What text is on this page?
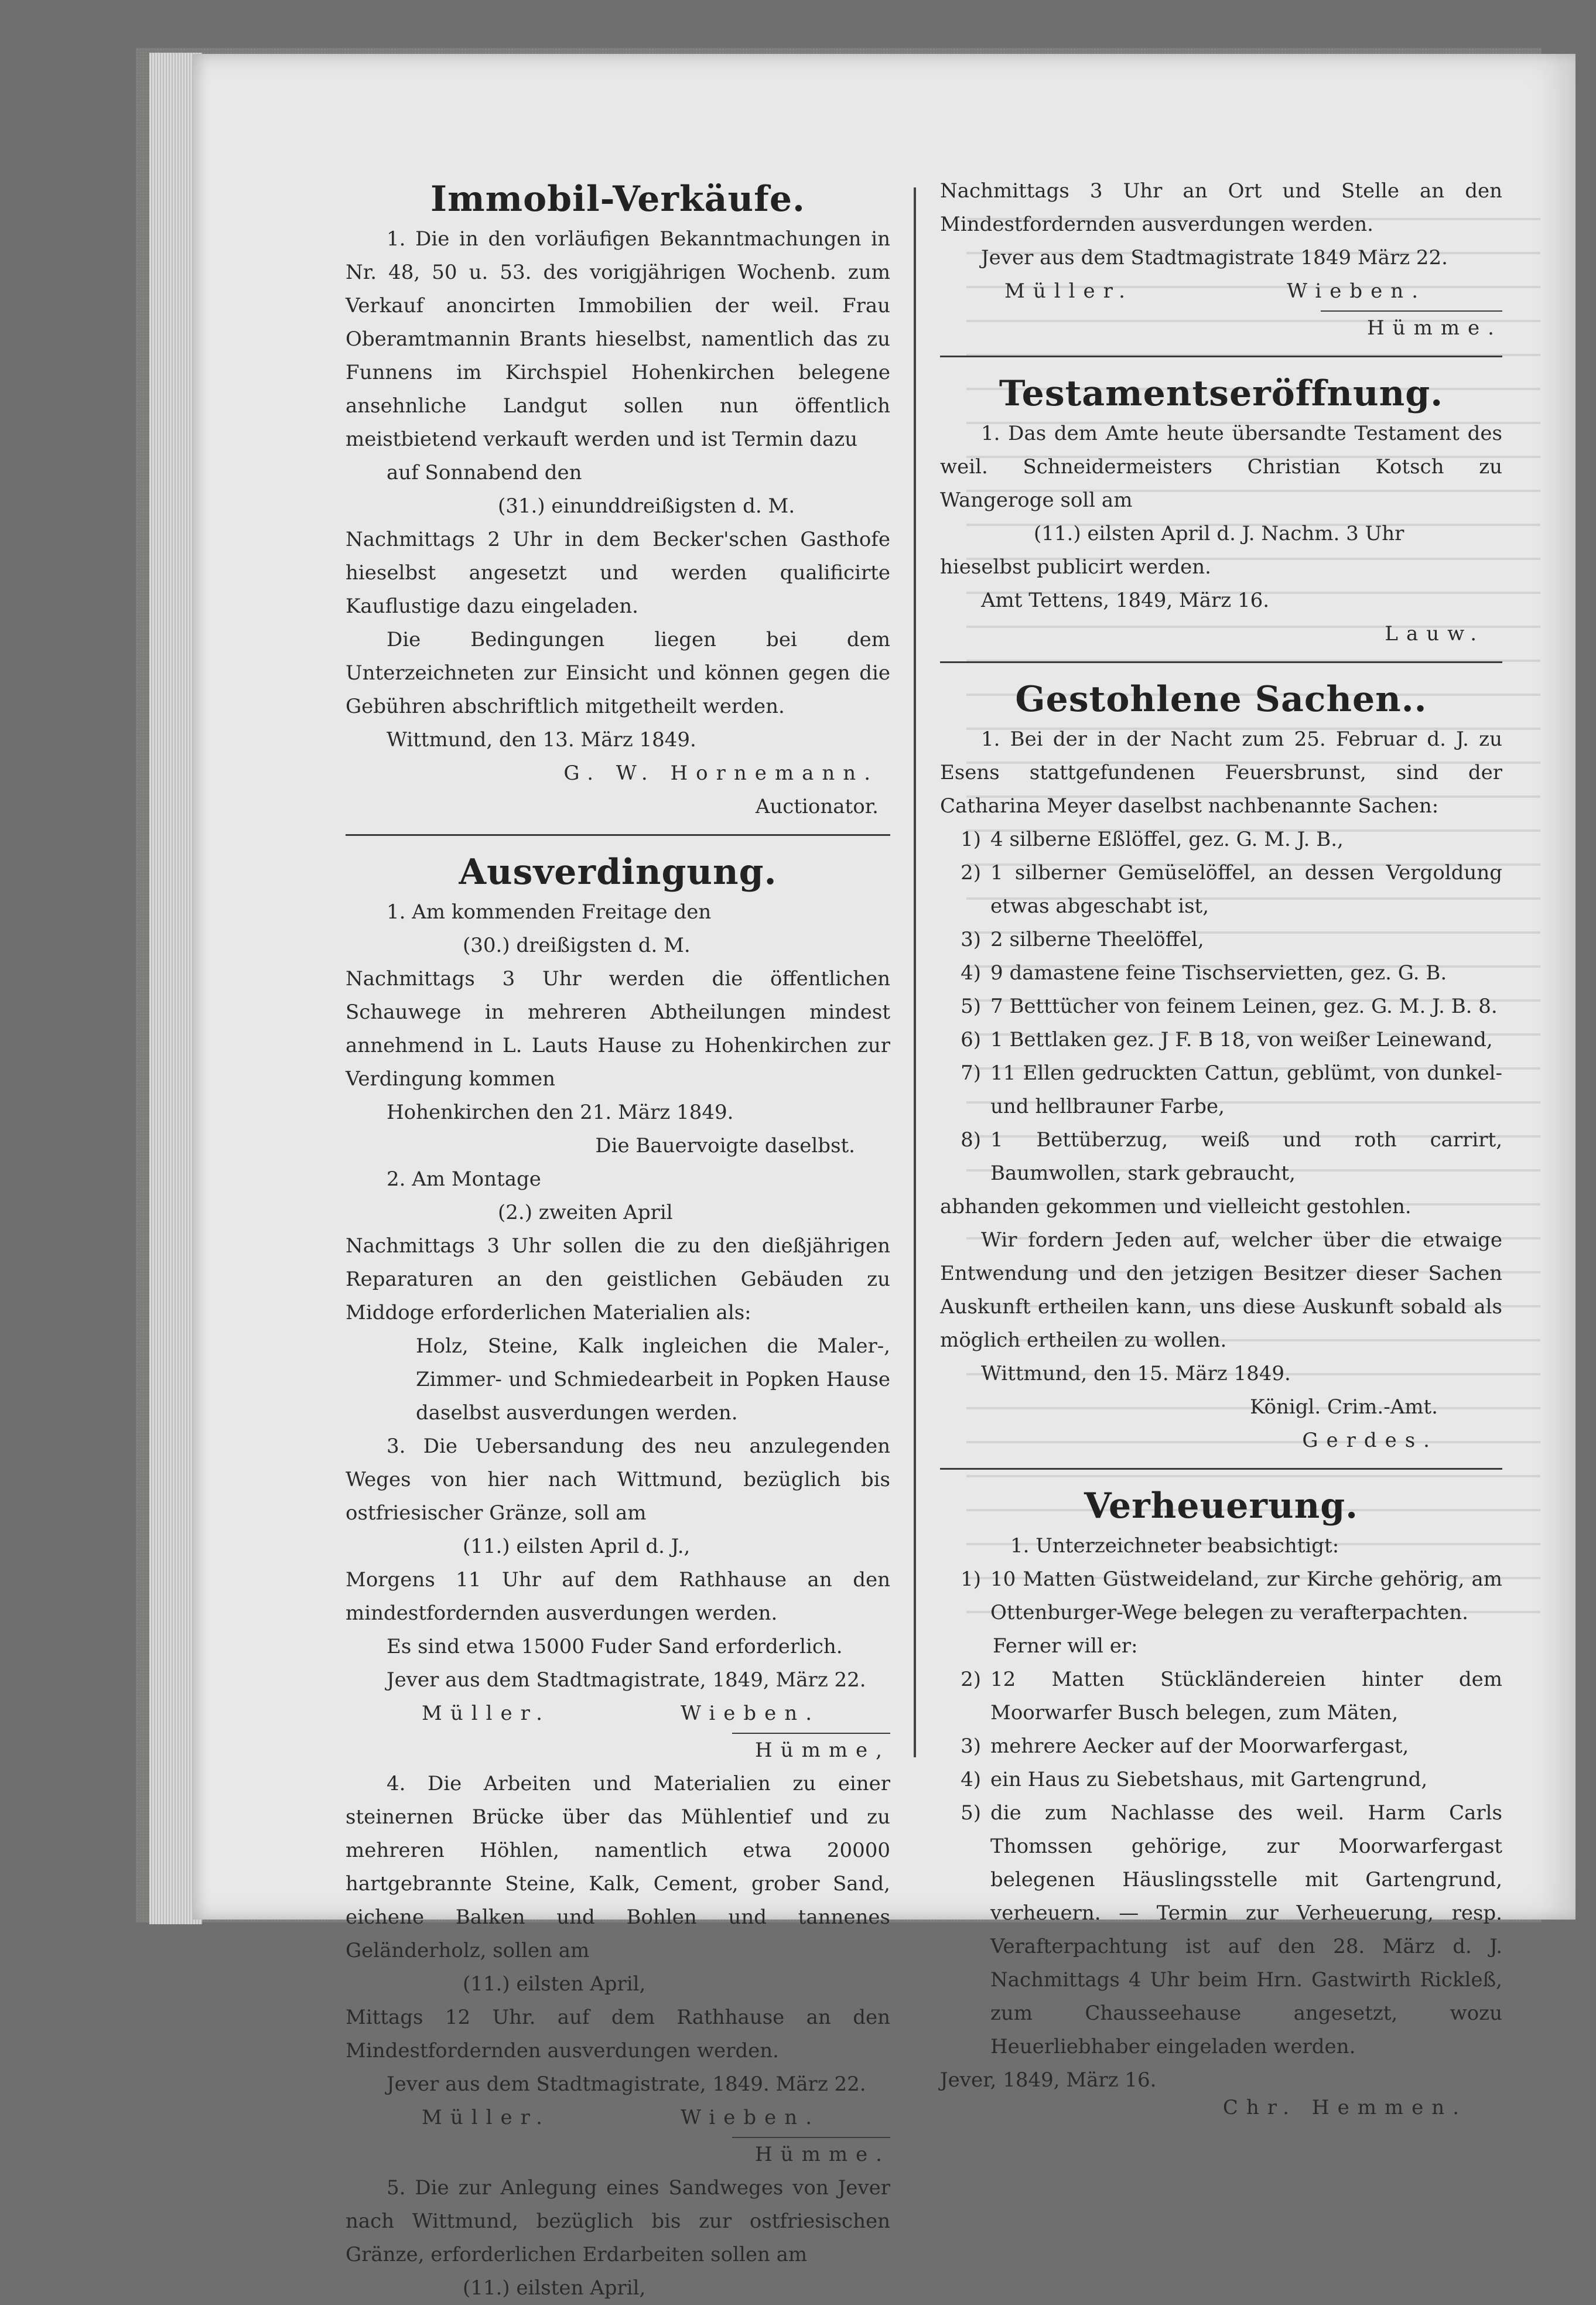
Immobil-Verkäufe.

1. Die in den vorläufigen Bekanntmachungen in Nr. 48, 50 u. 53. des vorigjährigen Wochenb. zum Verkauf anoncirten Immobilien der weil. Frau Oberamtmannin Brants hieselbst, namentlich das zu Funnens im Kirchspiel Hohenkirchen belegene ansehnliche Landgut sollen nun öffentlich meistbietend verkauft werden und ist Termin dazu

auf Sonnabend den

(31.) einunddreißigsten d. M.

Nachmittags 2 Uhr in dem Becker'schen Gasthofe hieselbst angesetzt und werden qualificirte Kauflustige dazu eingeladen.

Die Bedingungen liegen bei dem Unterzeichneten zur Einsicht und können gegen die Gebühren abschriftlich mitgetheilt werden.

Wittmund, den 13. März 1849.

G. W. Hornemann.

Auctionator.

Ausverdingung.

1. Am kommenden Freitage den

(30.) dreißigsten d. M.

Nachmittags 3 Uhr werden die öffentlichen Schauwege in mehreren Abtheilungen mindest annehmend in L. Lauts Hause zu Hohenkirchen zur Verdingung kommen

Hohenkirchen den 21. März 1849.

Die Bauervoigte daselbst.

2. Am Montage

(2.) zweiten April

Nachmittags 3 Uhr sollen die zu den dießjährigen Reparaturen an den geistlichen Gebäuden zu Middoge erforderlichen Materialien als:

Holz, Steine, Kalk ingleichen die Maler-, Zimmer- und Schmiedearbeit in Popken Hause daselbst ausverdungen werden.

3. Die Uebersandung des neu anzulegenden Weges von hier nach Wittmund, bezüglich bis ostfriesischer Gränze, soll am

(11.) eilsten April d. J.,

Morgens 11 Uhr auf dem Rathhause an den mindestfordernden ausverdungen werden.

Es sind etwa 15000 Fuder Sand erforderlich.

Jever aus dem Stadtmagistrate, 1849, März 22.

Müller.	Wieben.

Hümme,

4. Die Arbeiten und Materialien zu einer steinernen Brücke über das Mühlentief und zu mehreren Höhlen, namentlich etwa 20000 hartgebrannte Steine, Kalk, Cement, grober Sand, eichene Balken und Bohlen und tannenes Geländerholz, sollen am

(11.) eilsten April,

Mittags 12 Uhr. auf dem Rathhause an den Mindestfordernden ausverdungen werden.

Jever aus dem Stadtmagistrate, 1849. März 22.

Müller.	Wieben.

Hümme.

5. Die zur Anlegung eines Sandweges von Jever nach Wittmund, bezüglich bis zur ostfriesischen Gränze, erforderlichen Erdarbeiten sollen am

(11.) eilsten April,

Nachmittags 3 Uhr an Ort und Stelle an den Mindestfordernden ausverdungen werden.

Jever aus dem Stadtmagistrate 1849 März 22.

Müller.	Wieben.

Hümme.

Testamentseröffnung.

1. Das dem Amte heute übersandte Testament des weil. Schneidermeisters Christian Kotsch zu Wangeroge soll am

(11.) eilsten April d. J. Nachm. 3 Uhr

hieselbst publicirt werden.

Amt Tettens, 1849, März 16.

Lauw.

Gestohlene Sachen..

1. Bei der in der Nacht zum 25. Februar d. J. zu Esens stattgefundenen Feuersbrunst, sind der Catharina Meyer daselbst nachbenannte Sachen:

1) 4 silberne Eßlöffel, gez. G. M. J. B.,
2) 1 silberner Gemüselöffel, an dessen Vergoldung etwas abgeschabt ist,
3) 2 silberne Theelöffel,
4) 9 damastene feine Tischservietten, gez. G. B.
5) 7 Betttücher von feinem Leinen, gez. G. M. J. B. 8.
6) 1 Bettlaken gez. J F. B 18, von weißer Leinewand,
7) 11 Ellen gedruckten Cattun, geblümt, von dunkel- und hellbrauner Farbe,
8) 1 Bettüberzug, weiß und roth carrirt, Baumwollen, stark gebraucht,

abhanden gekommen und vielleicht gestohlen.

Wir fordern Jeden auf, welcher über die etwaige Entwendung und den jetzigen Besitzer dieser Sachen Auskunft ertheilen kann, uns diese Auskunft sobald als möglich ertheilen zu wollen.

Wittmund, den 15. März 1849.

Königl. Crim.-Amt.

Gerdes.

Verheuerung.

1. Unterzeichneter beabsichtigt:

1) 10 Matten Güstweideland, zur Kirche gehörig, am Ottenburger-Wege belegen zu verafterpachten.

Ferner will er:

2) 12 Matten Stückländereien hinter dem Moorwarfer Busch belegen, zum Mäten,
3) mehrere Aecker auf der Moorwarfergast,
4) ein Haus zu Siebetshaus, mit Gartengrund,
5) die zum Nachlasse des weil. Harm Carls Thomssen gehörige, zur Moorwarfergast belegenen Häuslingsstelle mit Gartengrund, verheuern. — Termin zur Verheuerung, resp. Verafterpachtung ist auf den 28. März d. J. Nachmittags 4 Uhr beim Hrn. Gastwirth Rickleß, zum Chausseehause angesetzt, wozu Heuerliebhaber eingeladen werden.

Jever, 1849, März 16.

Chr. Hemmen.
